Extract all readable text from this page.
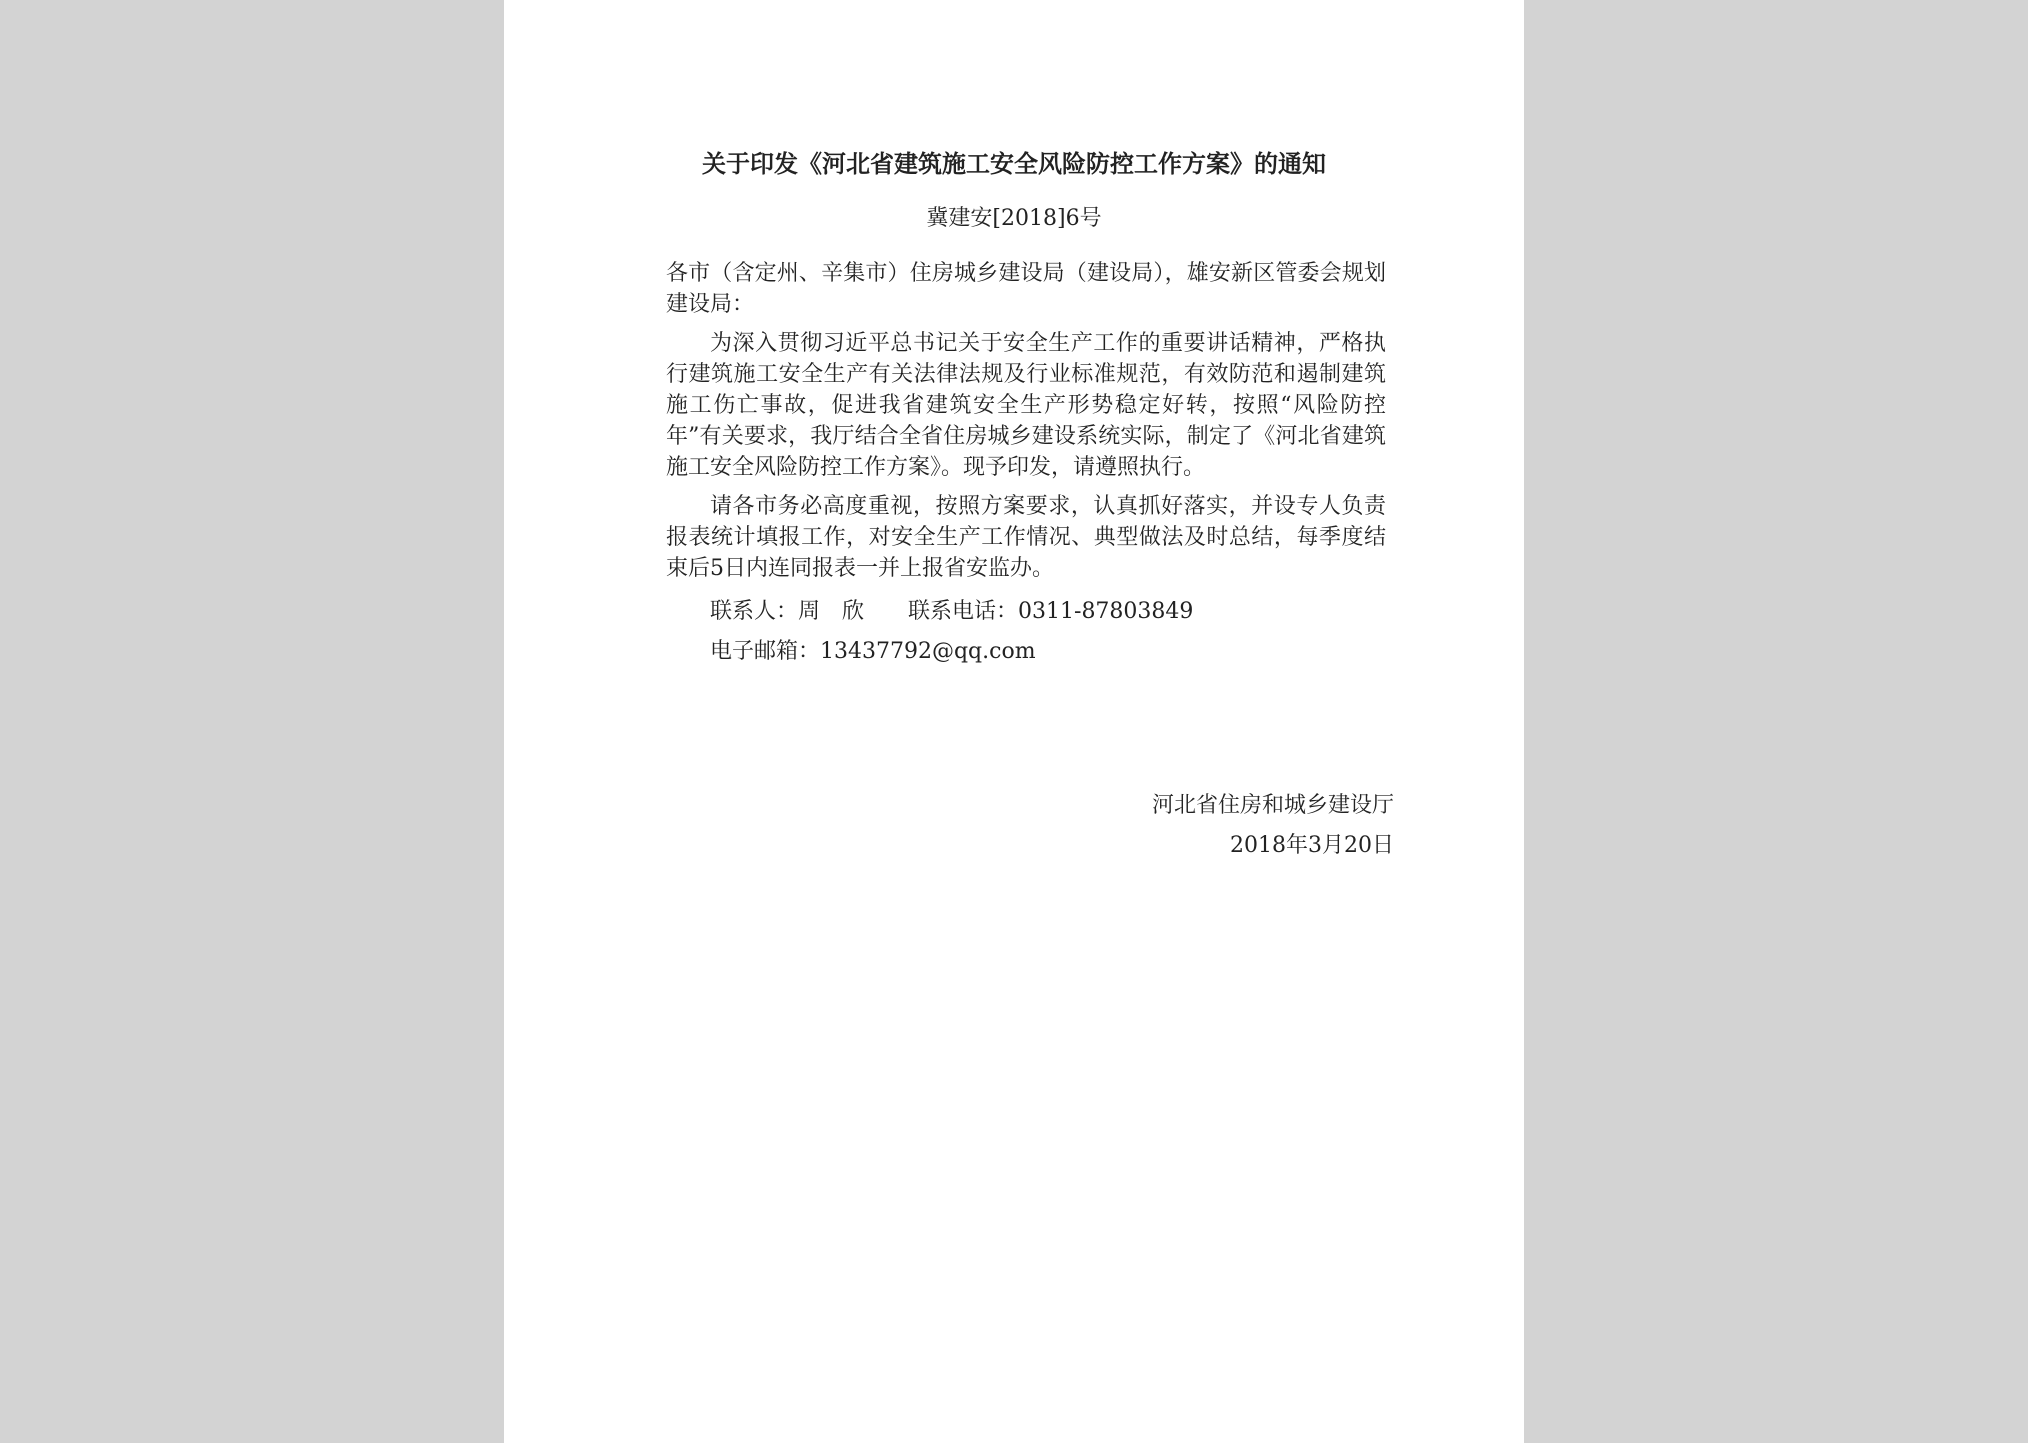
关于印发《河北省建筑施工安全风险防控工作方案》的通知
冀建安[2018]6号

各市（含定州、辛集市）住房城乡建设局（建设局），雄安新区管委会规划建设局：

为深入贯彻习近平总书记关于安全生产工作的重要讲话精神，严格执行建筑施工安全生产有关法律法规及行业标准规范，有效防范和遏制建筑施工伤亡事故，促进我省建筑安全生产形势稳定好转，按照“风险防控年”有关要求，我厅结合全省住房城乡建设系统实际，制定了《河北省建筑施工安全风险防控工作方案》。现予印发，请遵照执行。

请各市务必高度重视，按照方案要求，认真抓好落实，并设专人负责报表统计填报工作，对安全生产工作情况、典型做法及时总结，每季度结束后5日内连同报表一并上报省安监办。

联系人：周　欣 联系电话：0311-87803849
电子邮箱：13437792@qq.com
河北省住房和城乡建设厅
2018年3月20日
